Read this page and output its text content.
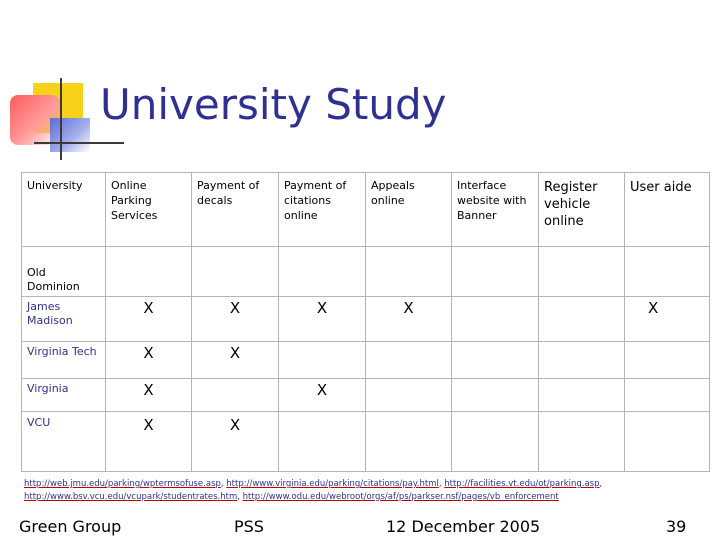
University Study
University	Online Parking Services	Payment of decals	Payment of citations online	Appeals online	Interface website with Banner	Register vehicle online	User aide
Old Dominion							
James Madison	X	X	X	X			X
Virginia Tech	X	X					
Virginia	X		X				
VCU	X	X					
http://web.jmu.edu/parking/wptermsofuse.asp, http://www.virginia.edu/parking/citations/pay.html, http://facilities.vt.edu/ot/parking.asp, http://www.bsv.vcu.edu/vcupark/studentrates.htm, http://www.odu.edu/webroot/orgs/af/ps/parkser.nsf/pages/vb_enforcement
Green Group	PSS	12 December 2005	39
